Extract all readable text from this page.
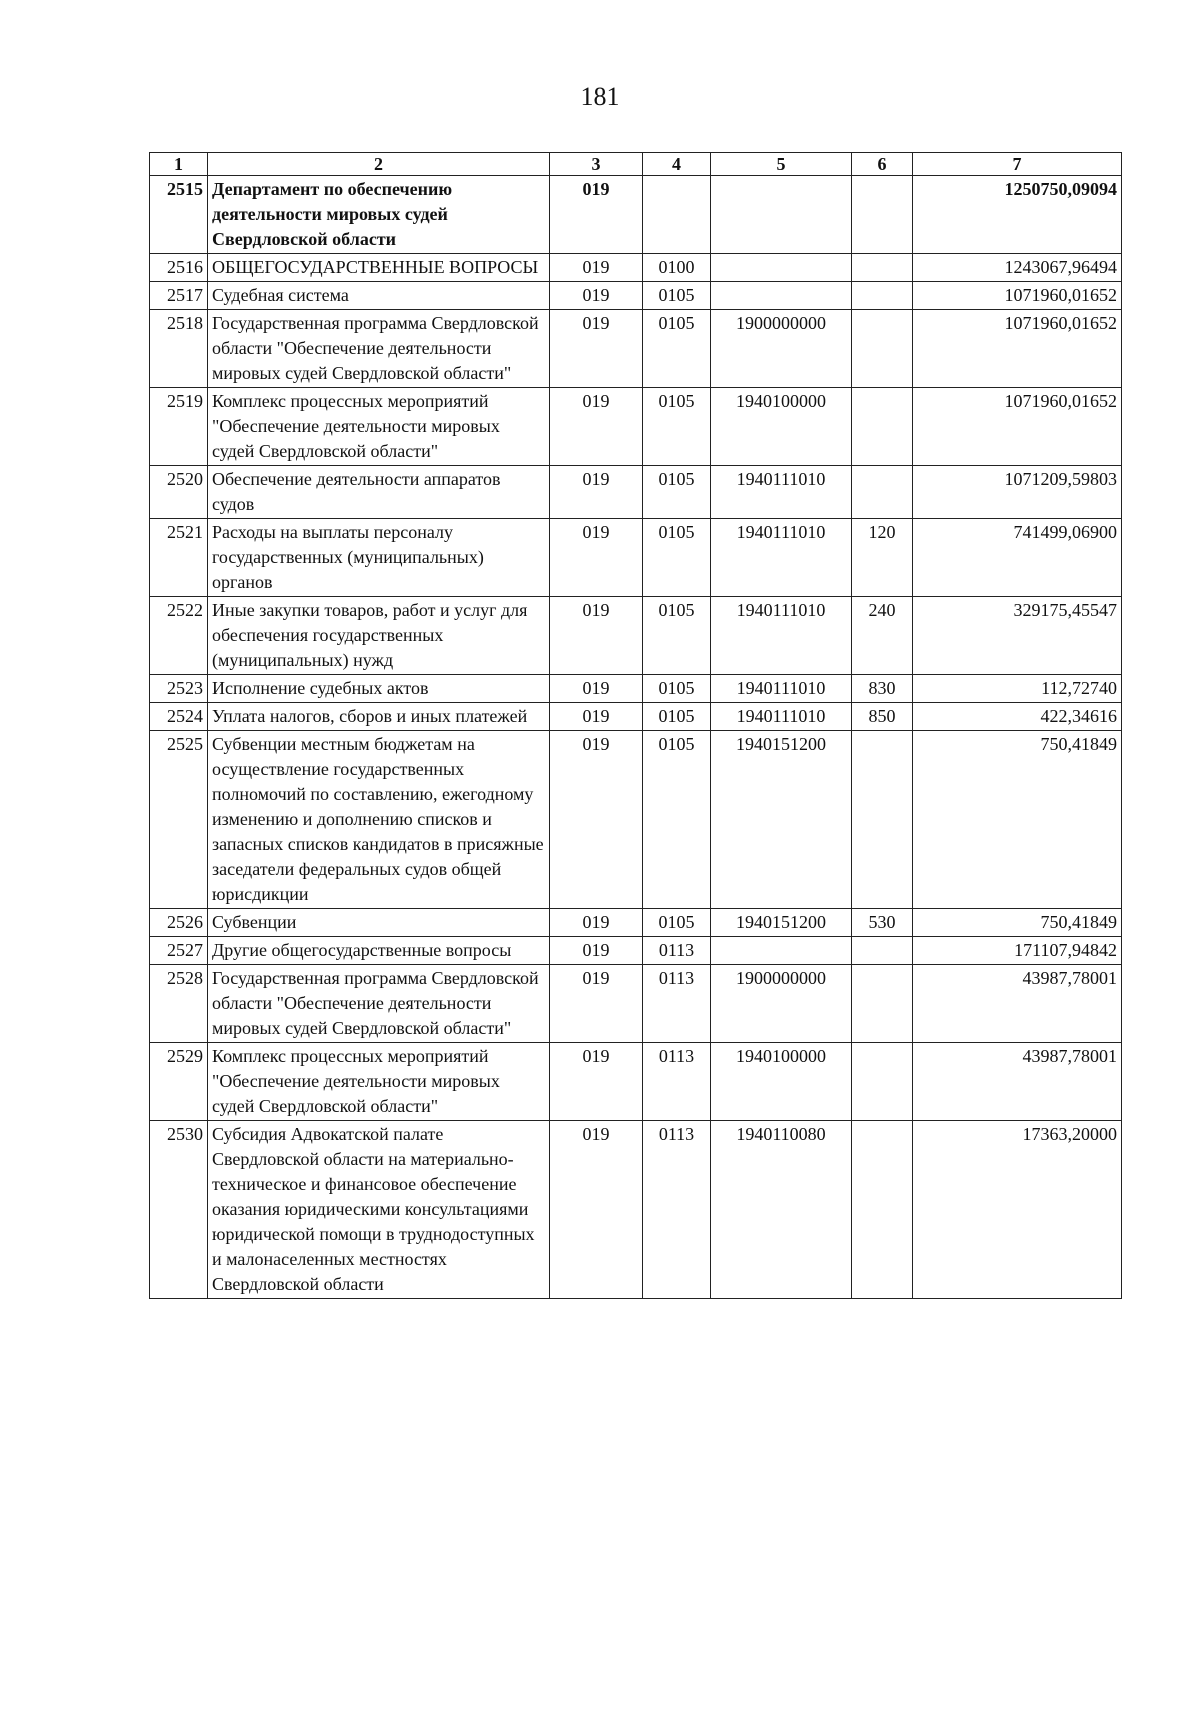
181
1	2	3	4	5	6	7
2515	Департамент по обеспечению деятельности мировых судей Свердловской области	019				1250750,09094
2516	ОБЩЕГОСУДАРСТВЕННЫЕ ВОПРОСЫ	019	0100			1243067,96494
2517	Судебная система	019	0105			1071960,01652
2518	Государственная программа Свердловской области "Обеспечение деятельности мировых судей Свердловской области"	019	0105	1900000000		1071960,01652
2519	Комплекс процессных мероприятий "Обеспечение деятельности мировых судей Свердловской области"	019	0105	1940100000		1071960,01652
2520	Обеспечение деятельности аппаратов судов	019	0105	1940111010		1071209,59803
2521	Расходы на выплаты персоналу государственных (муниципальных) органов	019	0105	1940111010	120	741499,06900
2522	Иные закупки товаров, работ и услуг для обеспечения государственных (муниципальных) нужд	019	0105	1940111010	240	329175,45547
2523	Исполнение судебных актов	019	0105	1940111010	830	112,72740
2524	Уплата налогов, сборов и иных платежей	019	0105	1940111010	850	422,34616
2525	Субвенции местным бюджетам на осуществление государственных полномочий по составлению, ежегодному изменению и дополнению списков и запасных списков кандидатов в присяжные заседатели федеральных судов общей юрисдикции	019	0105	1940151200		750,41849
2526	Субвенции	019	0105	1940151200	530	750,41849
2527	Другие общегосударственные вопросы	019	0113			171107,94842
2528	Государственная программа Свердловской области "Обеспечение деятельности мировых судей Свердловской области"	019	0113	1900000000		43987,78001
2529	Комплекс процессных мероприятий "Обеспечение деятельности мировых судей Свердловской области"	019	0113	1940100000		43987,78001
2530	Субсидия Адвокатской палате Свердловской области на материально-техническое и финансовое обеспечение оказания юридическими консультациями юридической помощи в труднодоступных и малонаселенных местностях Свердловской области	019	0113	1940110080		17363,20000
